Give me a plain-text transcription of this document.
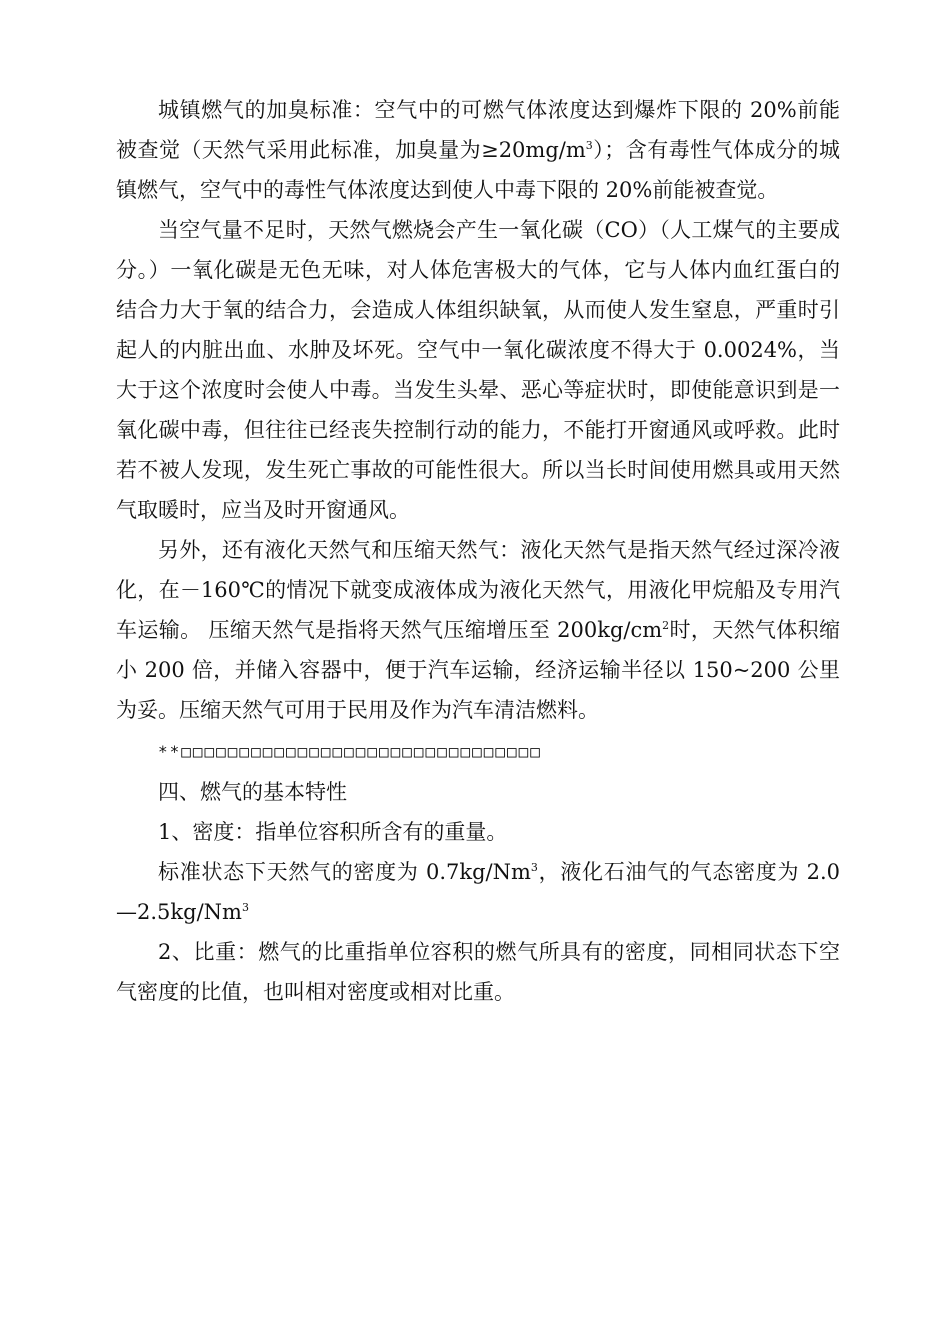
城镇燃气的加臭标准：空气中的可燃气体浓度达到爆炸下限的 20%前能被查觉（天然气采用此标准，加臭量为$\ge 20mg/m^3$）；含有毒性气体成分的城镇燃气，空气中的毒性气体浓度达到使人中毒下限的 20%前能被查觉。

当空气量不足时，天然气燃烧会产生一氧化碳（CO）（人工煤气的主要成分。）一氧化碳是无色无味，对人体危害极大的气体，它与人体内血红蛋白的结合力大于氧的结合力，会造成人体组织缺氧，从而使人发生窒息，严重时引起人的内脏出血、水肿及坏死。空气中一氧化碳浓度不得大于 0.0024%，当大于这个浓度时会使人中毒。当发生头晕、恶心等症状时，即使能意识到是一氧化碳中毒，但往往已经丧失控制行动的能力，不能打开窗通风或呼救。此时若不被人发现，发生死亡事故的可能性很大。所以当长时间使用燃具或用天然气取暖时，应当及时开窗通风。

另外，还有液化天然气和压缩天然气：液化天然气是指天然气经过深冷液化，在－160℃的情况下就变成液体成为液化天然气，用液化甲烷船及专用汽车运输。 压缩天然气是指将天然气压缩增压至 $200kg/cm^2$时，天然气体积缩小 200 倍，并储入容器中，便于汽车运输，经济运输半径以 150~200 公里为妥。压缩天然气可用于民用及作为汽车清洁燃料。

**□□□□□□□□□□□□□□□□□□□□□□□□□□□□□□□

四、燃气的基本特性

1、密度：指单位容积所含有的重量。

标准状态下天然气的密度为 0.7kg/Nm$^3$，液化石油气的气态密度为 2.0—2.5kg/Nm$^3$

2、比重：燃气的比重指单位容积的燃气所具有的密度，同相同状态下空气密度的比值，也叫相对密度或相对比重。
